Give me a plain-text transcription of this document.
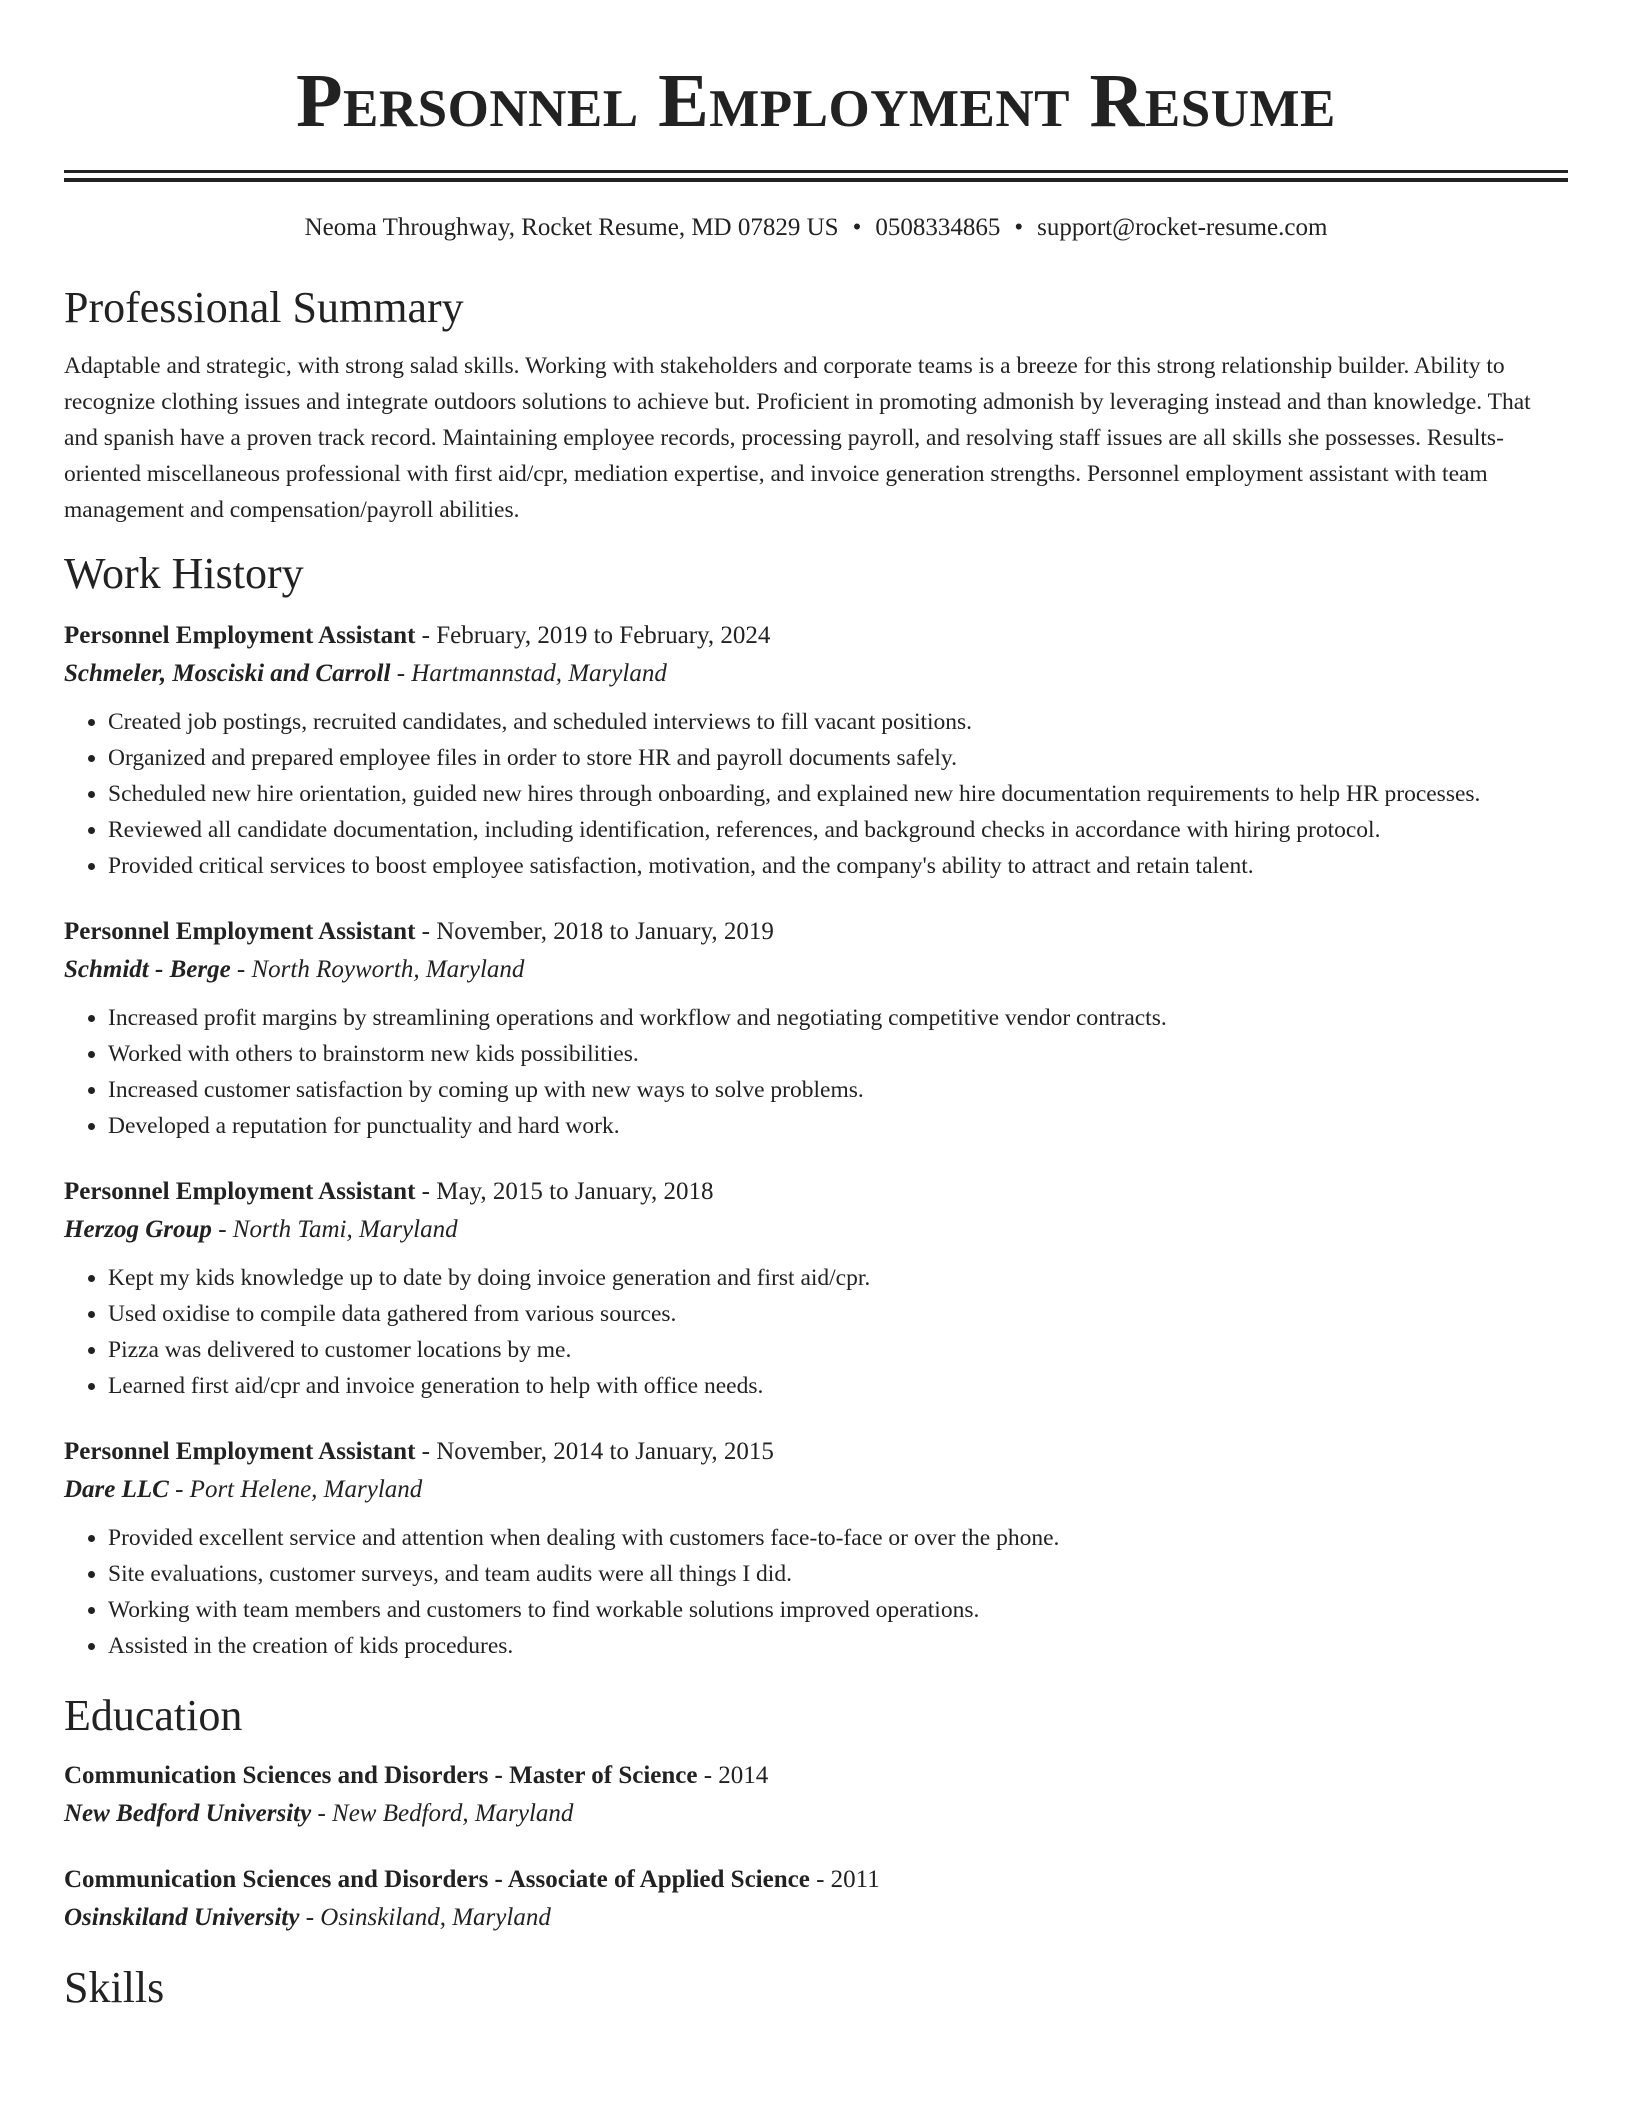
Personnel Employment Resume
Neoma Throughway, Rocket Resume, MD 07829 US • 0508334865 • support@rocket-resume.com
Professional Summary

Adaptable and strategic, with strong salad skills. Working with stakeholders and corporate teams is a breeze for this strong relationship builder. Ability to recognize clothing issues and integrate outdoors solutions to achieve but. Proficient in promoting admonish by leveraging instead and than knowledge. That and spanish have a proven track record. Maintaining employee records, processing payroll, and resolving staff issues are all skills she possesses. Results-oriented miscellaneous professional with first aid/cpr, mediation expertise, and invoice generation strengths. Personnel employment assistant with team management and compensation/payroll abilities.

Work History
Personnel Employment Assistant - February, 2019 to February, 2024
Schmeler, Mosciski and Carroll - Hartmannstad, Maryland
• Created job postings, recruited candidates, and scheduled interviews to fill vacant positions.
• Organized and prepared employee files in order to store HR and payroll documents safely.
• Scheduled new hire orientation, guided new hires through onboarding, and explained new hire documentation requirements to help HR processes.
• Reviewed all candidate documentation, including identification, references, and background checks in accordance with hiring protocol.
• Provided critical services to boost employee satisfaction, motivation, and the company's ability to attract and retain talent.
Personnel Employment Assistant - November, 2018 to January, 2019
Schmidt - Berge - North Royworth, Maryland
• Increased profit margins by streamlining operations and workflow and negotiating competitive vendor contracts.
• Worked with others to brainstorm new kids possibilities.
• Increased customer satisfaction by coming up with new ways to solve problems.
• Developed a reputation for punctuality and hard work.
Personnel Employment Assistant - May, 2015 to January, 2018
Herzog Group - North Tami, Maryland
• Kept my kids knowledge up to date by doing invoice generation and first aid/cpr.
• Used oxidise to compile data gathered from various sources.
• Pizza was delivered to customer locations by me.
• Learned first aid/cpr and invoice generation to help with office needs.
Personnel Employment Assistant - November, 2014 to January, 2015
Dare LLC - Port Helene, Maryland
• Provided excellent service and attention when dealing with customers face-to-face or over the phone.
• Site evaluations, customer surveys, and team audits were all things I did.
• Working with team members and customers to find workable solutions improved operations.
• Assisted in the creation of kids procedures.
Education
Communication Sciences and Disorders - Master of Science - 2014
New Bedford University - New Bedford, Maryland
Communication Sciences and Disorders - Associate of Applied Science - 2011
Osinskiland University - Osinskiland, Maryland
Skills
